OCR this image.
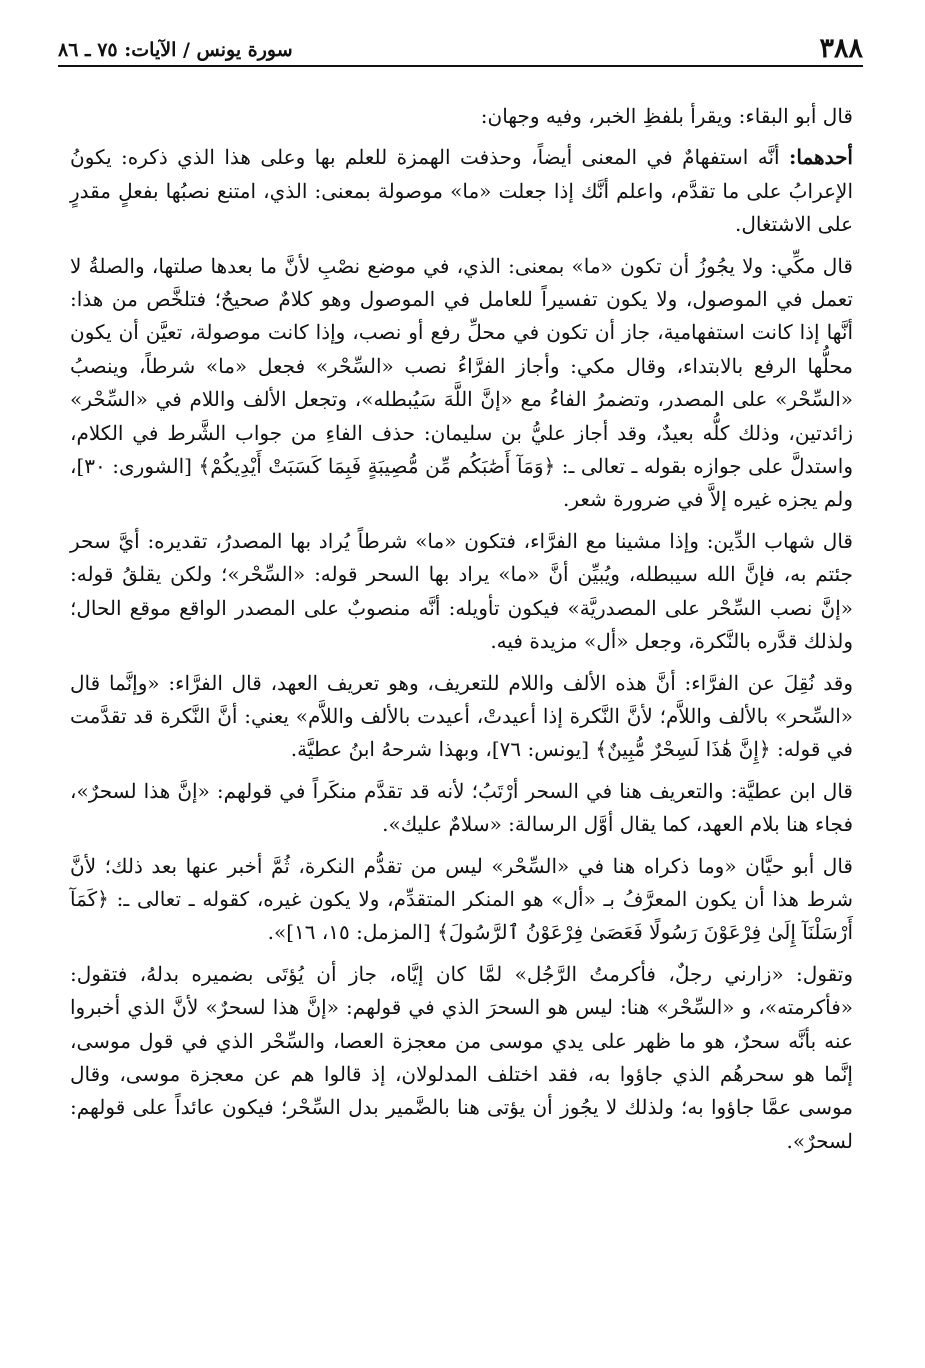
٣٨٨
سورة يونس / الآيات: ٧٥ ـ ٨٦

قال أبو البقاء: ويقرأ بلفظِ الخبر، وفيه وجهان:

أحدهما: أنَّه استفهامٌ في المعنى أيضاً، وحذفت الهمزة للعلم بها وعلى هذا الذي ذكره: يكونُ الإعرابُ على ما تقدَّم، واعلم أنَّك إذا جعلت «ما» موصولة بمعنى: الذي، امتنع نصبُها بفعلٍ مقدرٍ على الاشتغال.

قال مكِّي: ولا يجُوزُ أن تكون «ما» بمعنى: الذي، في موضع نصْبِ لأنَّ ما بعدها صلتها، والصلةُ لا تعمل في الموصول، ولا يكون تفسيراً للعامل في الموصول وهو كلامٌ صحيحٌ؛ فتلخَّص من هذا: أنَّها إذا كانت استفهامية، جاز أن تكون في محلِّ رفع أو نصب، وإذا كانت موصولة، تعيَّن أن يكون محلُّها الرفع بالابتداء، وقال مكي: وأجاز الفرَّاءُ نصب «السِّحْر» فجعل «ما» شرطاً، وينصبُ «السِّحْر» على المصدر، وتضمرُ الفاءُ مع «إنَّ اللَّهَ سَيُبطله»، وتجعل الألف واللام في «السِّحْر» زائدتين، وذلك كلُّه بعيدٌ، وقد أجاز عليُّ بن سليمان: حذف الفاءِ من جواب الشَّرط في الكلام، واستدلَّ على جوازه بقوله ـ تعالى ـ: ﴿وَمَآ أَصَٰبَكُم مِّن مُّصِيبَةٍ فَبِمَا كَسَبَتْ أَيْدِيكُمْ﴾ [الشورى: ٣٠]، ولم يجزه غيره إلاَّ في ضرورة شعر.

قال شهاب الدِّين: وإذا مشينا مع الفرَّاء، فتكون «ما» شرطاً يُراد بها المصدرُ، تقديره: أيَّ سحر جئتم به، فإنَّ الله سيبطله، ويُبيِّن أنَّ «ما» يراد بها السحر قوله: «السِّحْر»؛ ولكن يقلقُ قوله: «إنَّ نصب السِّحْر على المصدريَّة» فيكون تأويله: أنَّه منصوبٌ على المصدر الواقع موقع الحال؛ ولذلك قدَّره بالنَّكرة، وجعل «أل» مزيدة فيه.

وقد نُقِلَ عن الفرَّاء: أنَّ هذه الألف واللام للتعريف، وهو تعريف العهد، قال الفرَّاء: «وإنَّما قال «السِّحر» بالألف واللاَّم؛ لأنَّ النَّكرة إذا أعيدتْ، أعيدت بالألف واللاَّم» يعني: أنَّ النَّكرة قد تقدَّمت في قوله: ﴿إِنَّ هَٰذَا لَسِحْرٌ مُّبِينٌ﴾ [يونس: ٧٦]، وبهذا شرحهُ ابنُ عطيَّة.

قال ابن عطيَّة: والتعريف هنا في السحر أرْتَبُ؛ لأنه قد تقدَّم منكَراً في قولهم: «إنَّ هذا لسحرٌ»، فجاء هنا بلام العهد، كما يقال أوَّل الرسالة: «سلامٌ عليك».

قال أبو حيَّان «وما ذكراه هنا في «السِّحْر» ليس من تقدُّم النكرة، ثُمَّ أخبر عنها بعد ذلك؛ لأنَّ شرط هذا أن يكون المعرَّفُ بـ «أل» هو المنكر المتقدِّم، ولا يكون غيره، كقوله ـ تعالى ـ: ﴿كَمَآ أَرْسَلْنَآ إِلَىٰ فِرْعَوْنَ رَسُولًا فَعَصَىٰ فِرْعَوْنُ ٱلرَّسُولَ﴾ [المزمل: ١٥، ١٦]».

وتقول: «زارني رجلٌ، فأكرمتُ الرَّجُل» لمَّا كان إيَّاه، جاز أن يُؤتَى بضميره بدلهُ، فتقول: «فأكرمته»، و «السِّحْر» هنا: ليس هو السحرَ الذي في قولهم: «إنَّ هذا لسحرٌ» لأنَّ الذي أخبروا عنه بأنَّه سحرٌ، هو ما ظهر على يدي موسى من معجزة العصا، والسِّحْر الذي في قول موسى، إنَّما هو سحرهُم الذي جاؤوا به، فقد اختلف المدلولان، إذ قالوا هم عن معجزة موسى، وقال موسى عمَّا جاؤوا به؛ ولذلك لا يجُوز أن يؤتى هنا بالضَّمير بدل السِّحْر؛ فيكون عائداً على قولهم: لسحرٌ».
